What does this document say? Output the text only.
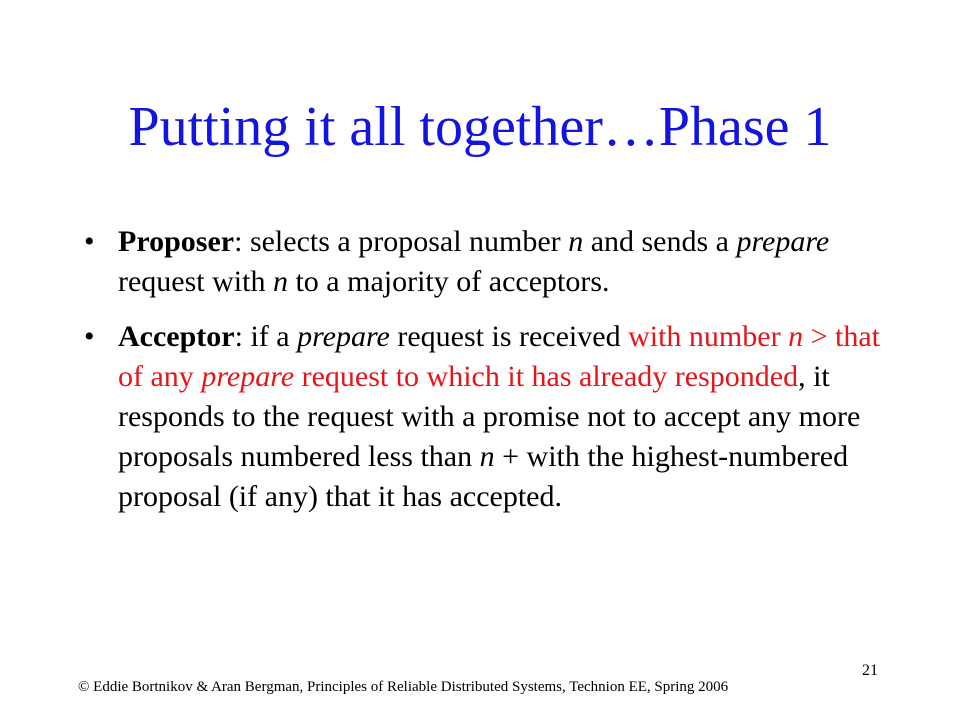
Putting it all together…Phase 1
• Proposer: selects a proposal number n and sends a prepare request with n to a majority of acceptors.
• Acceptor: if a prepare request is received with number n > that of any prepare request to which it has already responded, it responds to the request with a promise not to accept any more proposals numbered less than n + with the highest-numbered proposal (if any) that it has accepted.
© Eddie Bortnikov & Aran Bergman, Principles of Reliable Distributed Systems, Technion EE, Spring 2006
21
